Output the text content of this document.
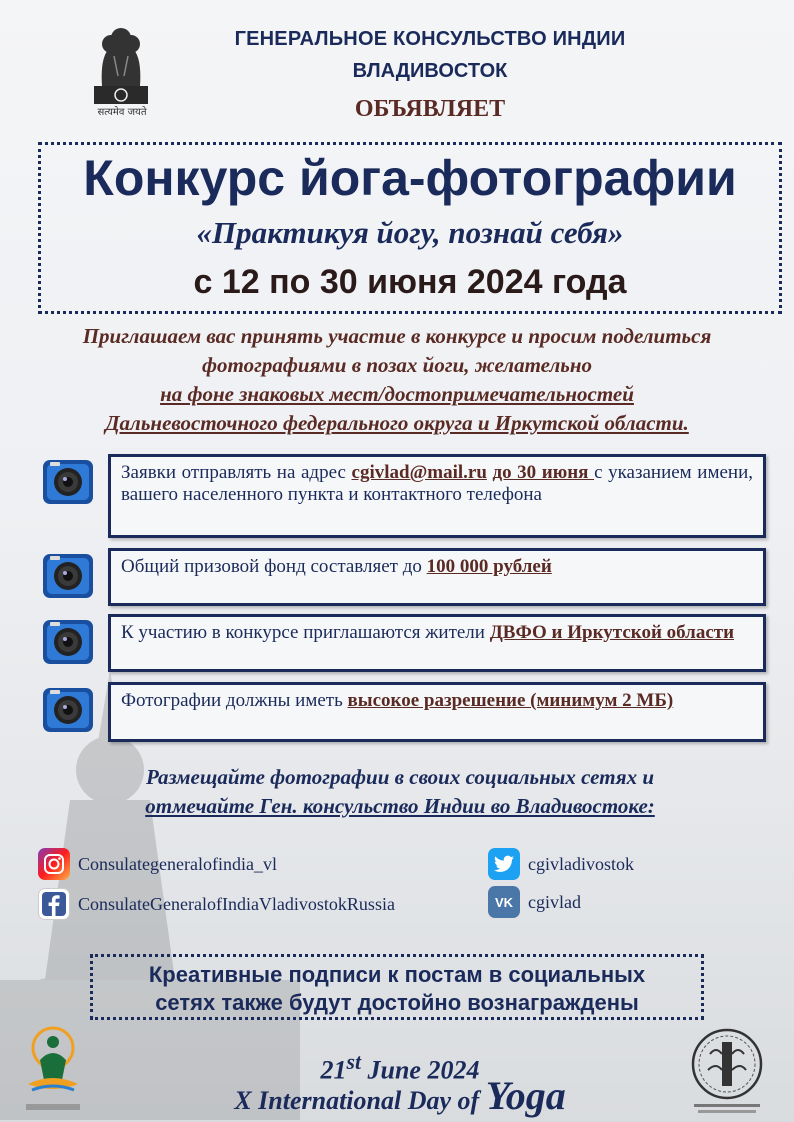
सत्यमेव जयते
ГЕНЕРАЛЬНОЕ КОНСУЛЬСТВО ИНДИИ
ВЛАДИВОСТОК
ОБЪЯВЛЯЕТ
Конкурс йога-фотографии
«Практикуя йогу, познай себя»
с 12 по 30 июня 2024 года
Приглашаем вас принять участие в конкурсе и просим поделиться
фотографиями в позах йоги, желательно
на фоне знаковых мест/достопримечательностей
Дальневосточного федерального округа и Иркутской области.
Заявки отправлять на адрес cgivlad@mail.ru до 30 июня с указанием имени, вашего населенного пункта и контактного телефона
Общий призовой фонд составляет до 100 000 рублей
К участию в конкурсе приглашаются жители ДВФО и Иркутской области
Фотографии должны иметь высокое разрешение (минимум 2 МБ)
Размещайте фотографии в своих социальных сетях и
отмечайте Ген. консульство Индии во Владивостоке:
Consulategeneralofindia_vl
ConsulateGeneralofIndiaVladivostokRussia
cgivladivostok
VK cgivlad
Креативные подписи к постам в социальных
сетях также будут достойно вознаграждены
21st June 2024
X International Day of Yoga
